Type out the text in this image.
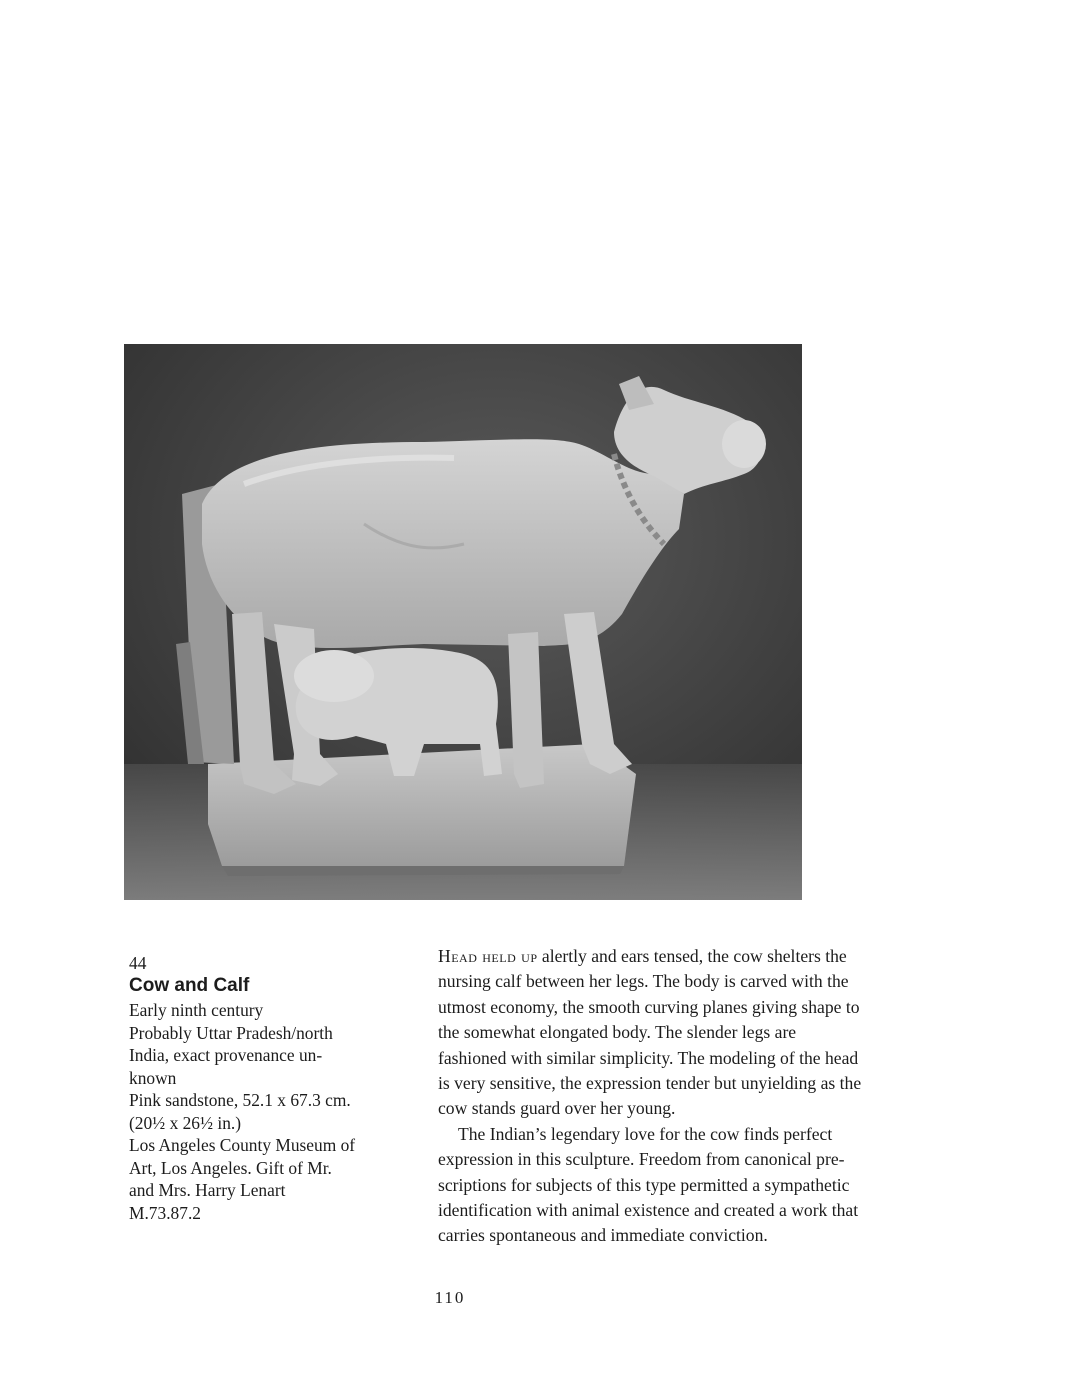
44
Cow and Calf
Early ninth century
Probably Uttar Pradesh/north
India, exact provenance un-
known
Pink sandstone, 52.1 x 67.3 cm.
(20½ x 26½ in.)
Los Angeles County Museum of
Art, Los Angeles. Gift of Mr.
and Mrs. Harry Lenart
M.73.87.2

Head held up alertly and ears tensed, the cow shelters the
nursing calf between her legs. The body is carved with the
utmost economy, the smooth curving planes giving shape to
the somewhat elongated body. The slender legs are
fashioned with similar simplicity. The modeling of the head
is very sensitive, the expression tender but unyielding as the
cow stands guard over her young.

The Indian’s legendary love for the cow finds perfect
expression in this sculpture. Freedom from canonical pre-
scriptions for subjects of this type permitted a sympathetic
identification with animal existence and created a work that
carries spontaneous and immediate conviction.

110
